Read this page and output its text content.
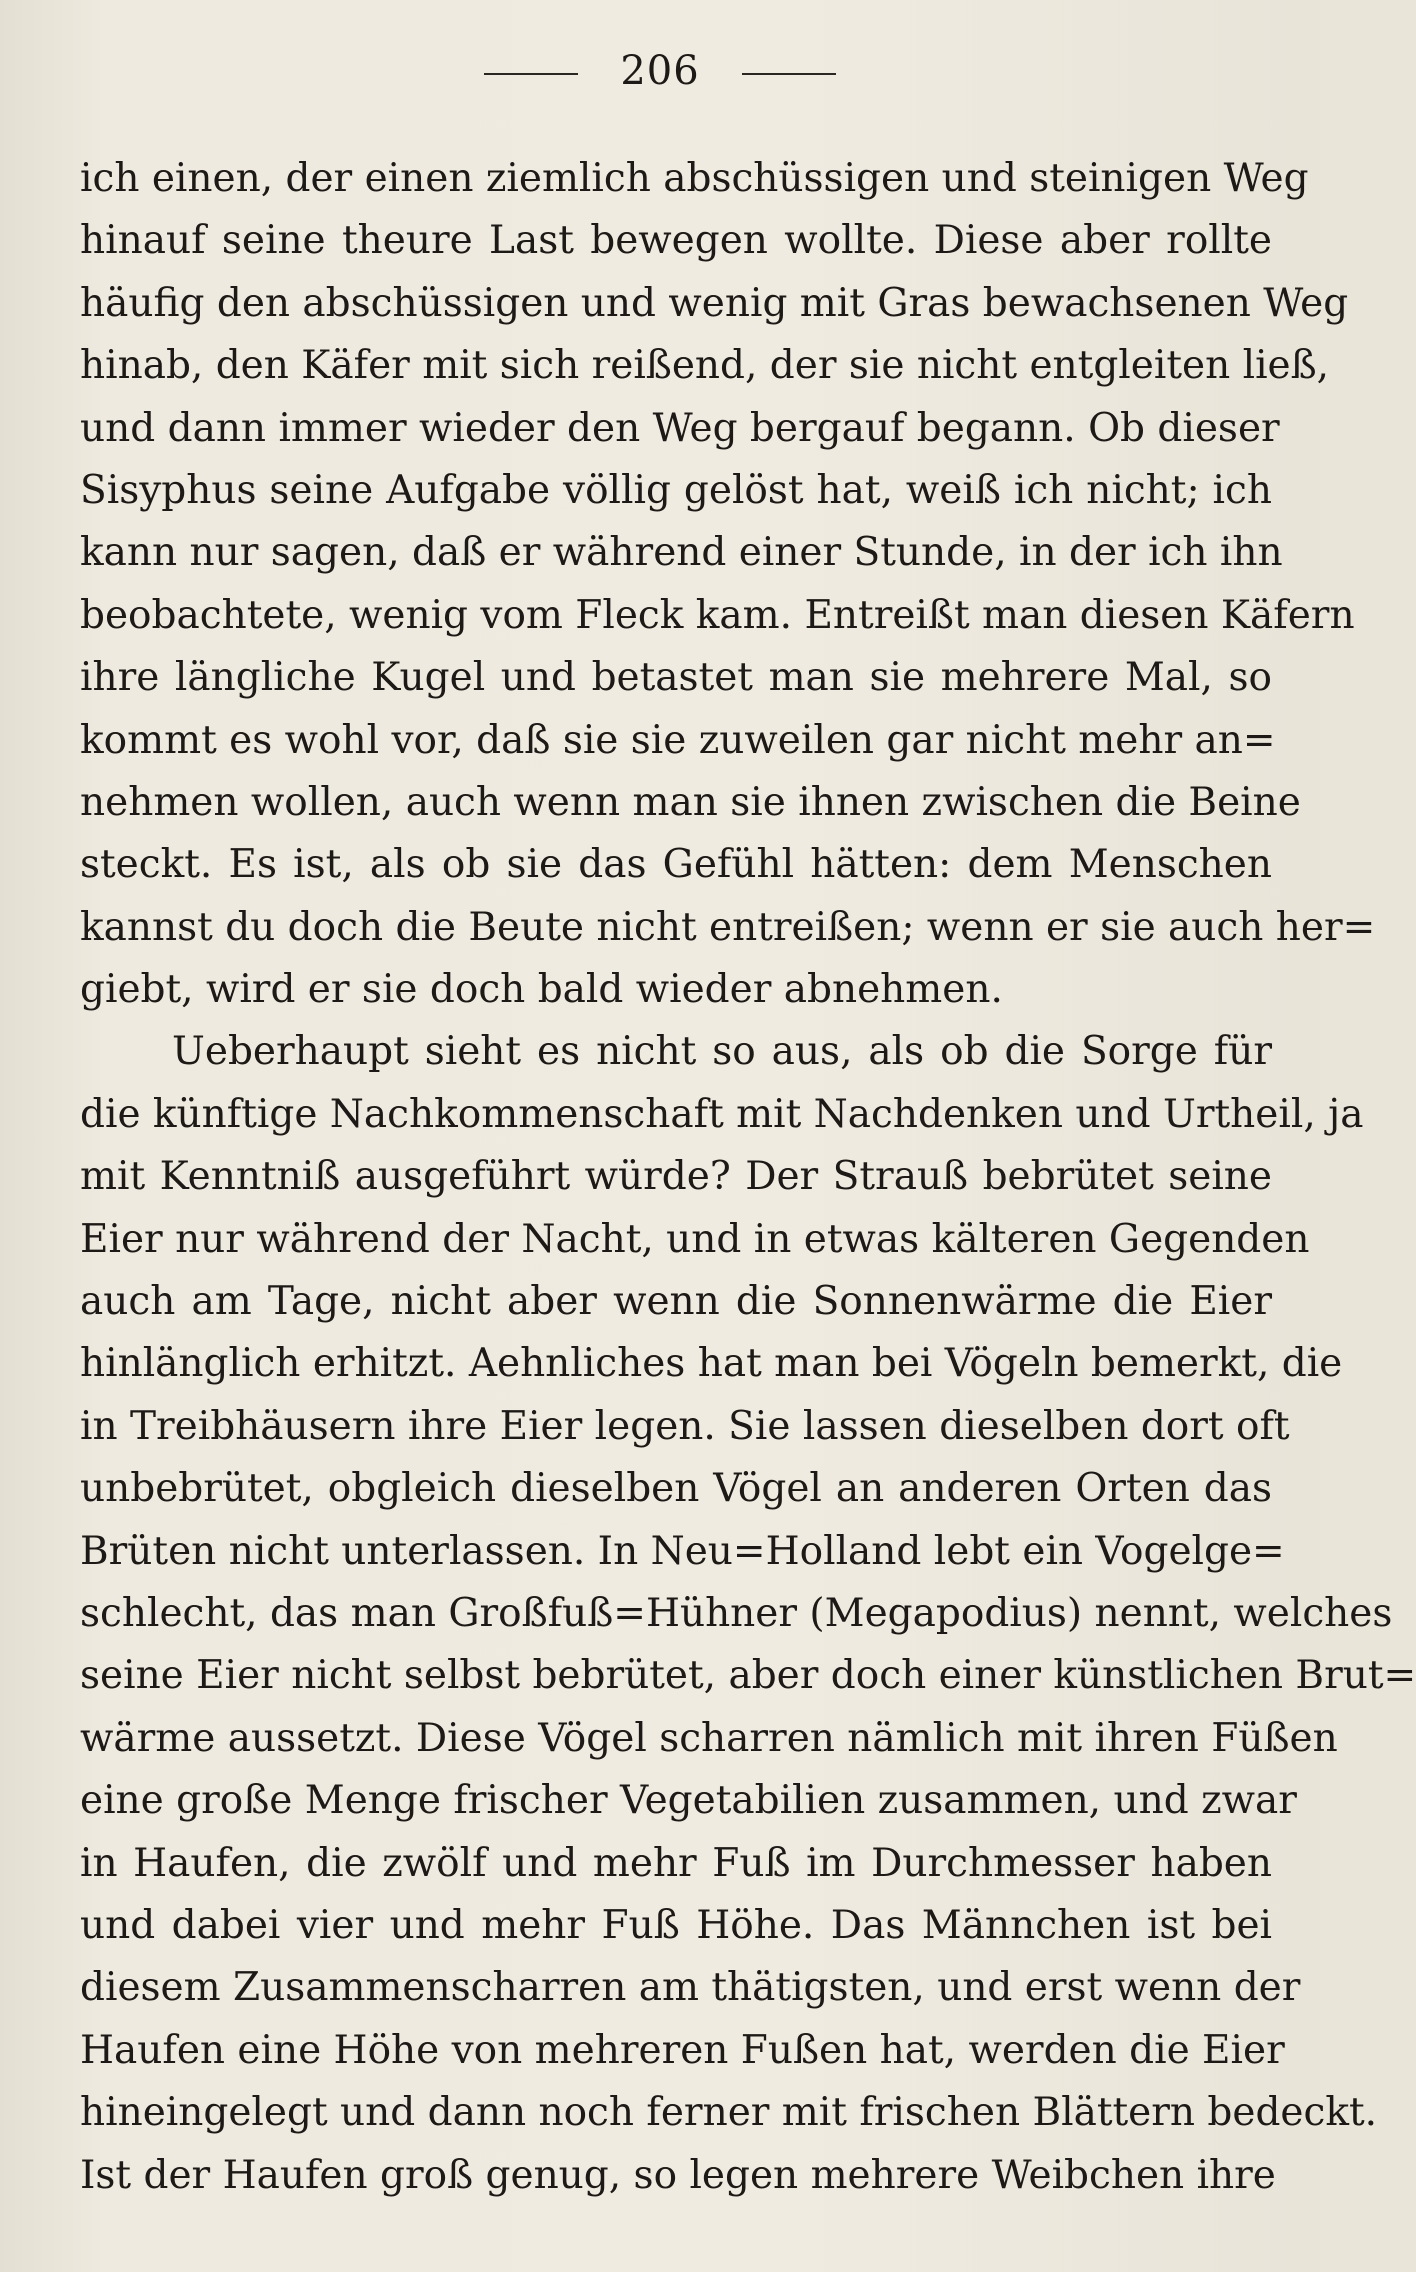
206
ich einen, der einen ziemlich abschüssigen und steinigen Weg
hinauf seine theure Last bewegen wollte. Diese aber rollte
häufig den abschüssigen und wenig mit Gras bewachsenen Weg
hinab, den Käfer mit sich reißend, der sie nicht entgleiten ließ,
und dann immer wieder den Weg bergauf begann. Ob dieser
Sisyphus seine Aufgabe völlig gelöst hat, weiß ich nicht; ich
kann nur sagen, daß er während einer Stunde, in der ich ihn
beobachtete, wenig vom Fleck kam. Entreißt man diesen Käfern
ihre längliche Kugel und betastet man sie mehrere Mal, so
kommt es wohl vor, daß sie sie zuweilen gar nicht mehr an=
nehmen wollen, auch wenn man sie ihnen zwischen die Beine
steckt. Es ist, als ob sie das Gefühl hätten: dem Menschen
kannst du doch die Beute nicht entreißen; wenn er sie auch her=
giebt, wird er sie doch bald wieder abnehmen.
Ueberhaupt sieht es nicht so aus, als ob die Sorge für
die künftige Nachkommenschaft mit Nachdenken und Urtheil, ja
mit Kenntniß ausgeführt würde? Der Strauß bebrütet seine
Eier nur während der Nacht, und in etwas kälteren Gegenden
auch am Tage, nicht aber wenn die Sonnenwärme die Eier
hinlänglich erhitzt. Aehnliches hat man bei Vögeln bemerkt, die
in Treibhäusern ihre Eier legen. Sie lassen dieselben dort oft
unbebrütet, obgleich dieselben Vögel an anderen Orten das
Brüten nicht unterlassen. In Neu=Holland lebt ein Vogelge=
schlecht, das man Großfuß=Hühner (Megapodius) nennt, welches
seine Eier nicht selbst bebrütet, aber doch einer künstlichen Brut=
wärme aussetzt. Diese Vögel scharren nämlich mit ihren Füßen
eine große Menge frischer Vegetabilien zusammen, und zwar
in Haufen, die zwölf und mehr Fuß im Durchmesser haben
und dabei vier und mehr Fuß Höhe. Das Männchen ist bei
diesem Zusammenscharren am thätigsten, und erst wenn der
Haufen eine Höhe von mehreren Fußen hat, werden die Eier
hineingelegt und dann noch ferner mit frischen Blättern bedeckt.
Ist der Haufen groß genug, so legen mehrere Weibchen ihre
